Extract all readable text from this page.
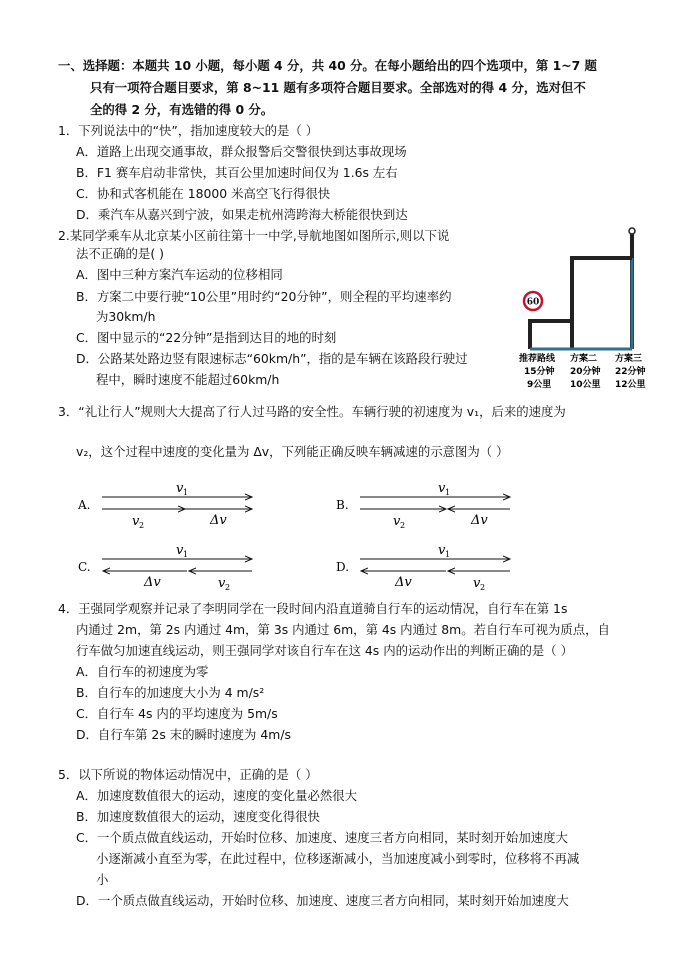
一、选择题：本题共 10 小题，每小题 4 分，共 40 分。在每小题给出的四个选项中，第 1~7 题
只有一项符合题目要求，第 8~11 题有多项符合题目要求。全部选对的得 4 分，选对但不
全的得 2 分，有选错的得 0 分。
1．下列说法中的“快”，指加速度较大的是（ ）
A．道路上出现交通事故，群众报警后交警很快到达事故现场
B．F1 赛车启动非常快，其百公里加速时间仅为 1.6s 左右
C．协和式客机能在 18000 米高空飞行得很快
D．乘汽车从嘉兴到宁波，如果走杭州湾跨海大桥能很快到达
2.某同学乘车从北京某小区前往第十一中学,导航地图如图所示,则以下说
法不正确的是( )
A．图中三种方案汽车运动的位移相同
B．方案二中要行驶“10公里”用时约“20分钟”，则全程的平均速率约
为30km/h
C．图中显示的“22分钟”是指到达目的地的时刻
D．公路某处路边竖有限速标志“60km/h”，指的是车辆在该路段行驶过
程中，瞬时速度不能超过60km/h
60
推荐路线
15分钟
9公里
方案二
20分钟
10公里
方案三
22分钟
12公里
3．“礼让行人”规则大大提高了行人过马路的安全性。车辆行驶的初速度为 v₁，后来的速度为
v₂，这个过程中速度的变化量为 Δv，下列能正确反映车辆减速的示意图为（ ）
A.
v 1
v 2	Δv
B.
v 1
v 2	Δv
C.
v 1
Δv	v 2
D.
v 1
Δv	v 2
4．王强同学观察并记录了李明同学在一段时间内沿直道骑自行车的运动情况，自行车在第 1s
内通过 2m，第 2s 内通过 4m，第 3s 内通过 6m，第 4s 内通过 8m。若自行车可视为质点，自
行车做匀加速直线运动，则王强同学对该自行车在这 4s 内的运动作出的判断正确的是（ ）
A．自行车的初速度为零
B．自行车的加速度大小为 4 m/s²
C．自行车 4s 内的平均速度为 5m/s
D．自行车第 2s 末的瞬时速度为 4m/s
5．以下所说的物体运动情况中，正确的是（ ）
A．加速度数值很大的运动，速度的变化量必然很大
B．加速度数值很大的运动，速度变化得很快
C．一个质点做直线运动，开始时位移、加速度、速度三者方向相同，某时刻开始加速度大
小逐渐减小直至为零，在此过程中，位移逐渐减小，当加速度减小到零时，位移将不再减
小
D．一个质点做直线运动，开始时位移、加速度、速度三者方向相同，某时刻开始加速度大
